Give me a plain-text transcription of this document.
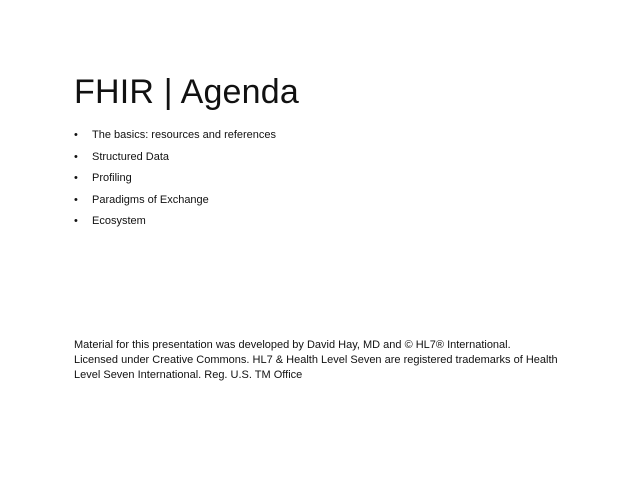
FHIR | Agenda
•	The basics: resources and references
•	Structured Data
•	Profiling
•	Paradigms of Exchange
•	Ecosystem
Material for this presentation was developed by David Hay, MD and © HL7® International.
Licensed under Creative Commons. HL7 & Health Level Seven are registered trademarks of Health
Level Seven International. Reg. U.S. TM Office
